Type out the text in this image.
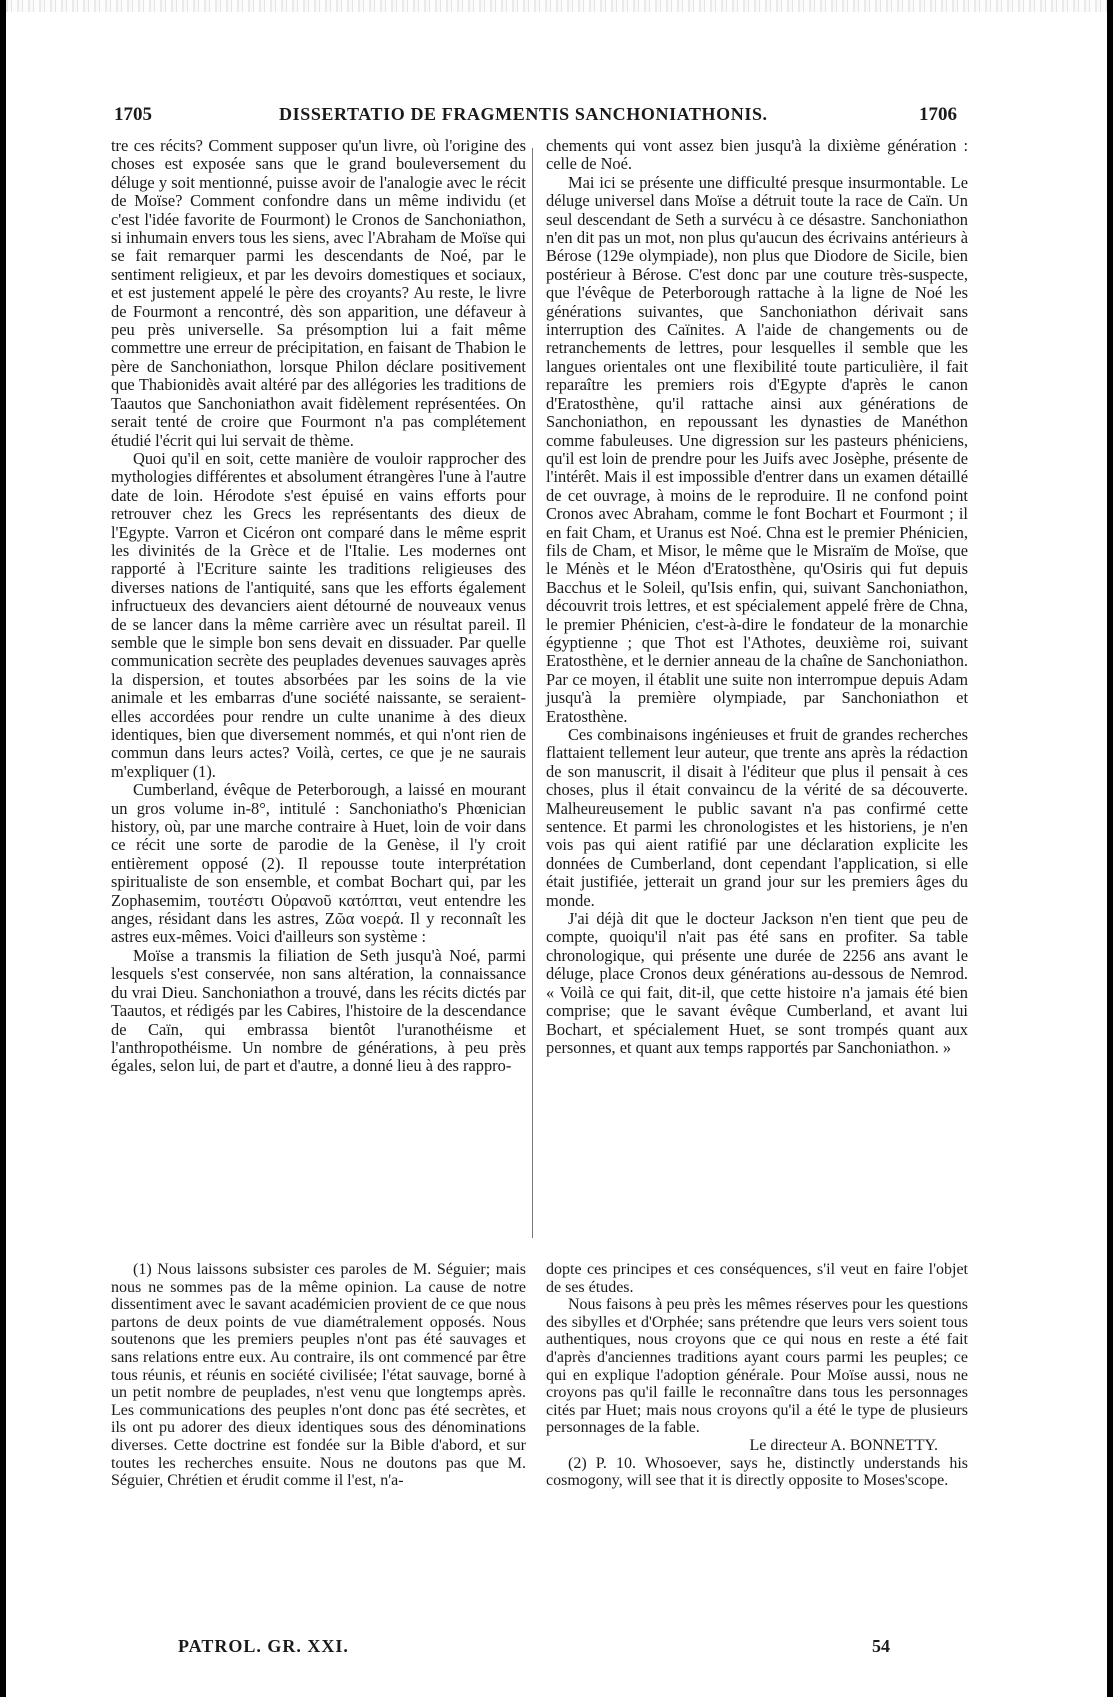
1705	DISSERTATIO DE FRAGMENTIS SANCHONIATHONIS.	1706

tre ces récits? Comment supposer qu'un livre, où l'origine des choses est exposée sans que le grand bouleversement du déluge y soit mentionné, puisse avoir de l'analogie avec le récit de Moïse? Comment confondre dans un même individu (et c'est l'idée favorite de Fourmont) le Cronos de Sanchoniathon, si inhumain envers tous les siens, avec l'Abraham de Moïse qui se fait remarquer parmi les descendants de Noé, par le sentiment religieux, et par les devoirs domestiques et sociaux, et est justement appelé le père des croyants? Au reste, le livre de Fourmont a rencontré, dès son apparition, une défaveur à peu près universelle. Sa présomption lui a fait même commettre une erreur de précipitation, en faisant de Thabion le père de Sanchoniathon, lorsque Philon déclare positivement que Thabionidès avait altéré par des allégories les traditions de Taautos que Sanchoniathon avait fidèlement représentées. On serait tenté de croire que Fourmont n'a pas complétement étudié l'écrit qui lui servait de thème.

Quoi qu'il en soit, cette manière de vouloir rapprocher des mythologies différentes et absolument étrangères l'une à l'autre date de loin. Hérodote s'est épuisé en vains efforts pour retrouver chez les Grecs les représentants des dieux de l'Egypte. Varron et Cicéron ont comparé dans le même esprit les divinités de la Grèce et de l'Italie. Les modernes ont rapporté à l'Ecriture sainte les traditions religieuses des diverses nations de l'antiquité, sans que les efforts également infructueux des devanciers aient détourné de nouveaux venus de se lancer dans la même carrière avec un résultat pareil. Il semble que le simple bon sens devait en dissuader. Par quelle communication secrète des peuplades devenues sauvages après la dispersion, et toutes absorbées par les soins de la vie animale et les embarras d'une société naissante, se seraient-elles accordées pour rendre un culte unanime à des dieux identiques, bien que diversement nommés, et qui n'ont rien de commun dans leurs actes? Voilà, certes, ce que je ne saurais m'expliquer (1).

Cumberland, évêque de Peterborough, a laissé en mourant un gros volume in-8°, intitulé : Sanchoniatho's Phœnician history, où, par une marche contraire à Huet, loin de voir dans ce récit une sorte de parodie de la Genèse, il l'y croit entièrement opposé (2). Il repousse toute interprétation spiritualiste de son ensemble, et combat Bochart qui, par les Zophasemim, τουτέστι Οὐρανοῦ κατόπται, veut entendre les anges, résidant dans les astres, Ζῶα νοερά. Il y reconnaît les astres eux-mêmes. Voici d'ailleurs son système :

Moïse a transmis la filiation de Seth jusqu'à Noé, parmi lesquels s'est conservée, non sans altération, la connaissance du vrai Dieu. Sanchoniathon a trouvé, dans les récits dictés par Taautos, et rédigés par les Cabires, l'histoire de la descendance de Caïn, qui embrassa bientôt l'uranothéisme et l'anthropothéisme. Un nombre de générations, à peu près égales, selon lui, de part et d'autre, a donné lieu à des rappro-

chements qui vont assez bien jusqu'à la dixième génération : celle de Noé.

Mai ici se présente une difficulté presque insurmontable. Le déluge universel dans Moïse a détruit toute la race de Caïn. Un seul descendant de Seth a survécu à ce désastre. Sanchoniathon n'en dit pas un mot, non plus qu'aucun des écrivains antérieurs à Bérose (129e olympiade), non plus que Diodore de Sicile, bien postérieur à Bérose. C'est donc par une couture très-suspecte, que l'évêque de Peterborough rattache à la ligne de Noé les générations suivantes, que Sanchoniathon dérivait sans interruption des Caïnites. A l'aide de changements ou de retranchements de lettres, pour lesquelles il semble que les langues orientales ont une flexibilité toute particulière, il fait reparaître les premiers rois d'Egypte d'après le canon d'Eratosthène, qu'il rattache ainsi aux générations de Sanchoniathon, en repoussant les dynasties de Manéthon comme fabuleuses. Une digression sur les pasteurs phéniciens, qu'il est loin de prendre pour les Juifs avec Josèphe, présente de l'intérêt. Mais il est impossible d'entrer dans un examen détaillé de cet ouvrage, à moins de le reproduire. Il ne confond point Cronos avec Abraham, comme le font Bochart et Fourmont ; il en fait Cham, et Uranus est Noé. Chna est le premier Phénicien, fils de Cham, et Misor, le même que le Misraïm de Moïse, que le Ménès et le Méon d'Eratosthène, qu'Osiris qui fut depuis Bacchus et le Soleil, qu'Isis enfin, qui, suivant Sanchoniathon, découvrit trois lettres, et est spécialement appelé frère de Chna, le premier Phénicien, c'est-à-dire le fondateur de la monarchie égyptienne ; que Thot est l'Athotes, deuxième roi, suivant Eratosthène, et le dernier anneau de la chaîne de Sanchoniathon. Par ce moyen, il établit une suite non interrompue depuis Adam jusqu'à la première olympiade, par Sanchoniathon et Eratosthène.

Ces combinaisons ingénieuses et fruit de grandes recherches flattaient tellement leur auteur, que trente ans après la rédaction de son manuscrit, il disait à l'éditeur que plus il pensait à ces choses, plus il était convaincu de la vérité de sa découverte. Malheureusement le public savant n'a pas confirmé cette sentence. Et parmi les chronologistes et les historiens, je n'en vois pas qui aient ratifié par une déclaration explicite les données de Cumberland, dont cependant l'application, si elle était justifiée, jetterait un grand jour sur les premiers âges du monde.

J'ai déjà dit que le docteur Jackson n'en tient que peu de compte, quoiqu'il n'ait pas été sans en profiter. Sa table chronologique, qui présente une durée de 2256 ans avant le déluge, place Cronos deux générations au-dessous de Nemrod. « Voilà ce qui fait, dit-il, que cette histoire n'a jamais été bien comprise; que le savant évêque Cumberland, et avant lui Bochart, et spécialement Huet, se sont trompés quant aux personnes, et quant aux temps rapportés par Sanchoniathon. »

(1) Nous laissons subsister ces paroles de M. Séguier; mais nous ne sommes pas de la même opinion. La cause de notre dissentiment avec le savant académicien provient de ce que nous partons de deux points de vue diamétralement opposés. Nous soutenons que les premiers peuples n'ont pas été sauvages et sans relations entre eux. Au contraire, ils ont commencé par être tous réunis, et réunis en société civilisée; l'état sauvage, borné à un petit nombre de peuplades, n'est venu que longtemps après. Les communications des peuples n'ont donc pas été secrètes, et ils ont pu adorer des dieux identiques sous des dénominations diverses. Cette doctrine est fondée sur la Bible d'abord, et sur toutes les recherches ensuite. Nous ne doutons pas que M. Séguier, Chrétien et érudit comme il l'est, n'a-

dopte ces principes et ces conséquences, s'il veut en faire l'objet de ses études.

Nous faisons à peu près les mêmes réserves pour les questions des sibylles et d'Orphée; sans prétendre que leurs vers soient tous authentiques, nous croyons que ce qui nous en reste a été fait d'après d'anciennes traditions ayant cours parmi les peuples; ce qui en explique l'adoption générale. Pour Moïse aussi, nous ne croyons pas qu'il faille le reconnaître dans tous les personnages cités par Huet; mais nous croyons qu'il a été le type de plusieurs personnages de la fable.

Le directeur A. BONNETTY.

(2) P. 10. Whosoever, says he, distinctly understands his cosmogony, will see that it is directly opposite to Moses'scope.

PATROL. GR. XXI.	54
